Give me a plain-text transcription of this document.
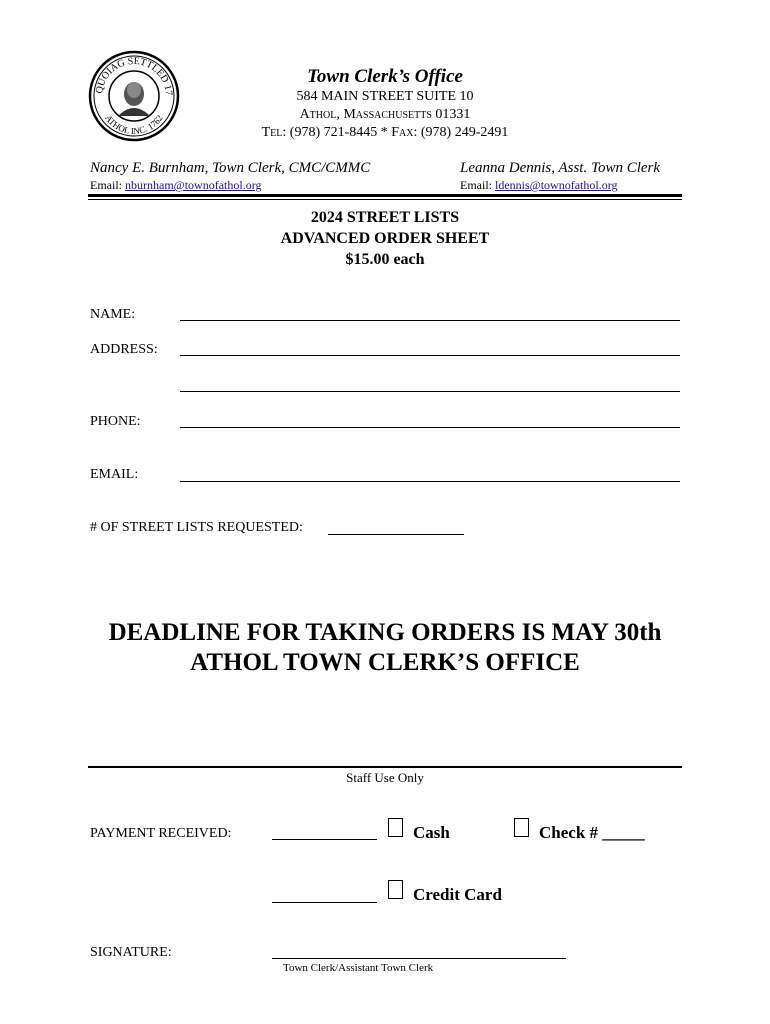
QUOIAG SETTLED 17
ATHOL INC. 1762
Town Clerk’s Office
584 MAIN STREET SUITE 10
Athol, Massachusetts 01331
Tel: (978) 721-8445 * Fax: (978) 249-2491
Nancy E. Burnham, Town Clerk, CMC/CMMC
Email: nburnham@townofathol.org
Leanna Dennis, Asst. Town Clerk
Email: ldennis@townofathol.org
2024 STREET LISTS
ADVANCED ORDER SHEET
$15.00 each
NAME:
ADDRESS:
PHONE:
EMAIL:
# OF STREET LISTS REQUESTED:
DEADLINE FOR TAKING ORDERS IS MAY 30th
ATHOL TOWN CLERK’S OFFICE
Staff Use Only
PAYMENT RECEIVED:	Cash	Check # _____
Credit Card
SIGNATURE:
Town Clerk/Assistant Town Clerk
